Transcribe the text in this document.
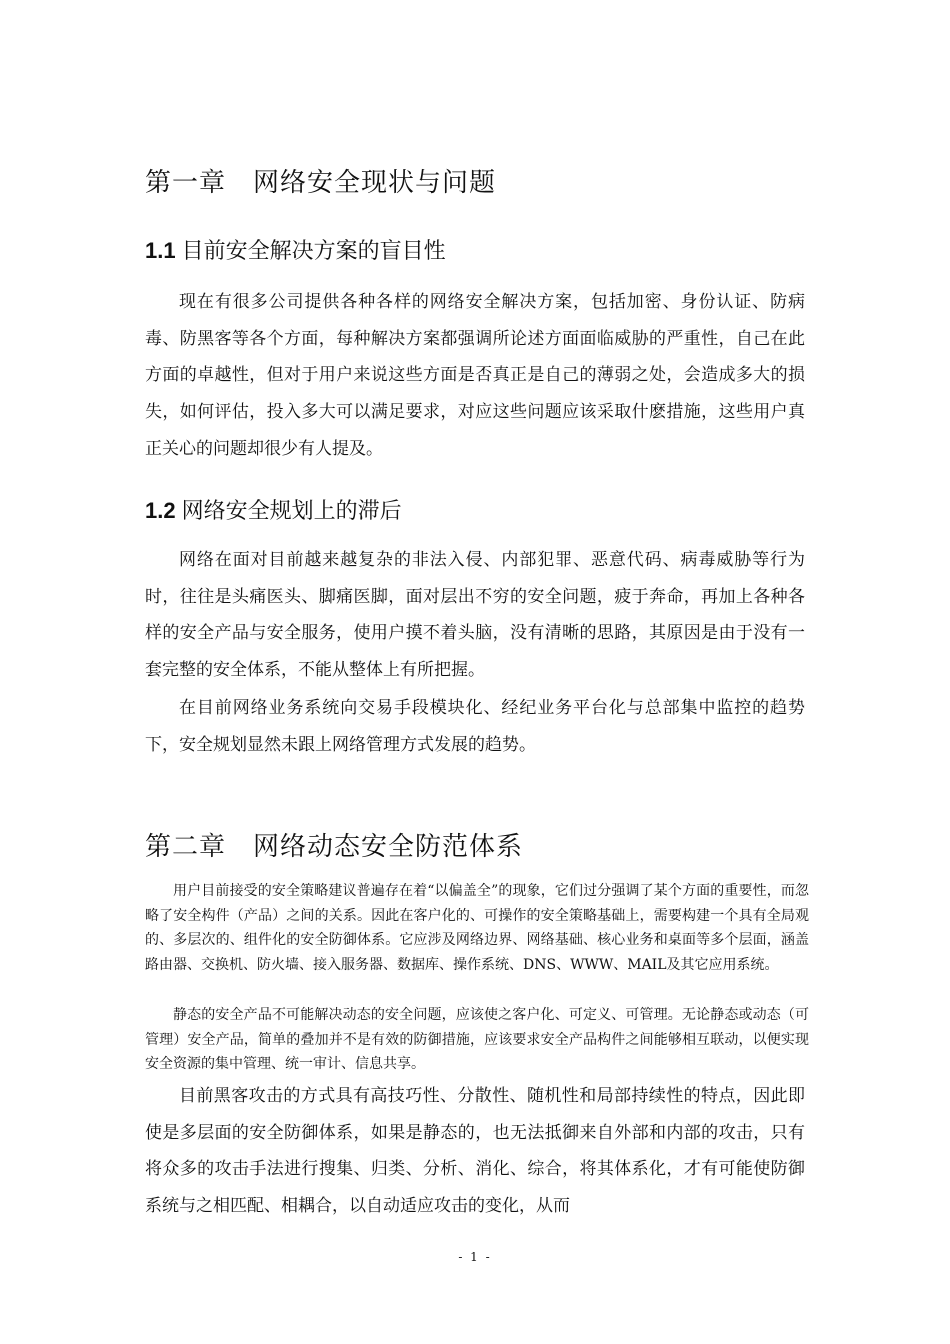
第一章　网络安全现状与问题
1.1 目前安全解决方案的盲目性

现在有很多公司提供各种各样的网络安全解决方案，包括加密、身份认证、防病毒、防黑客等各个方面，每种解决方案都强调所论述方面面临威胁的严重性，自己在此方面的卓越性，但对于用户来说这些方面是否真正是自己的薄弱之处，会造成多大的损失，如何评估，投入多大可以满足要求，对应这些问题应该采取什麽措施，这些用户真正关心的问题却很少有人提及。

1.2 网络安全规划上的滞后

网络在面对目前越来越复杂的非法入侵、内部犯罪、恶意代码、病毒威胁等行为时，往往是头痛医头、脚痛医脚，面对层出不穷的安全问题，疲于奔命，再加上各种各样的安全产品与安全服务，使用户摸不着头脑，没有清晰的思路，其原因是由于没有一套完整的安全体系，不能从整体上有所把握。

在目前网络业务系统向交易手段模块化、经纪业务平台化与总部集中监控的趋势下，安全规划显然未跟上网络管理方式发展的趋势。

第二章　网络动态安全防范体系

用户目前接受的安全策略建议普遍存在着“以偏盖全”的现象，它们过分强调了某个方面的重要性，而忽略了安全构件（产品）之间的关系。因此在客户化的、可操作的安全策略基础上，需要构建一个具有全局观的、多层次的、组件化的安全防御体系。它应涉及网络边界、网络基础、核心业务和桌面等多个层面，涵盖路由器、交换机、防火墙、接入服务器、数据库、操作系统、DNS、WWW、MAIL及其它应用系统。

静态的安全产品不可能解决动态的安全问题，应该使之客户化、可定义、可管理。无论静态或动态（可管理）安全产品，简单的叠加并不是有效的防御措施，应该要求安全产品构件之间能够相互联动，以便实现安全资源的集中管理、统一审计、信息共享。

目前黑客攻击的方式具有高技巧性、分散性、随机性和局部持续性的特点，因此即使是多层面的安全防御体系，如果是静态的，也无法抵御来自外部和内部的攻击，只有将众多的攻击手法进行搜集、归类、分析、消化、综合，将其体系化，才有可能使防御系统与之相匹配、相耦合，以自动适应攻击的变化，从而

- 1 -
